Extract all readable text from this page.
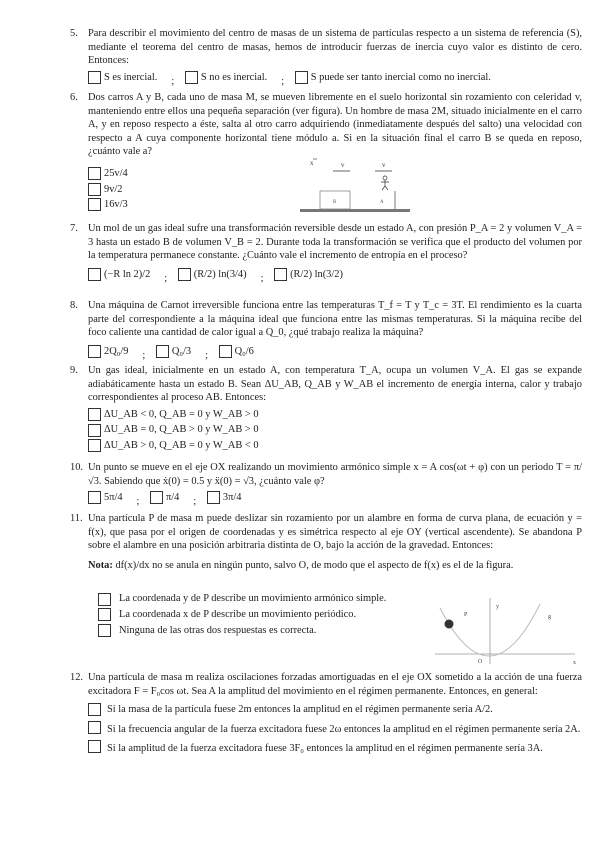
5. Para describir el movimiento del centro de masas de un sistema de partículas respecto a un sistema de referencia (S), mediante el teorema del centro de masas, hemos de introducir fuerzas de inercia cuyo valor es distinto de cero. Entonces:
S es inercial. ;	S no es inercial. ;	S puede ser tanto inercial como no inercial.
6. Dos carros A y B, cada uno de masa M, se mueven libremente en el suelo horizontal sin rozamiento con celeridad v, manteniendo entre ellos una pequeña separación (ver figura). Un hombre de masa 2M, situado inicialmente en el carro A, y en reposo respecto a éste, salta al otro carro adquiriendo (inmediatamente después del salto) una velocidad con respecto a A cuya componente horizontal tiene módulo a. Si en la situación final el carro B se queda en reposo, ¿cuánto vale a?
25v/4
9v/2
16v/3
x	v	v
B	A
7. Un mol de un gas ideal sufre una transformación reversible desde un estado A, con presión P_A = 2 y volumen V_A = 3 hasta un estado B de volumen V_B = 2. Durante toda la transformación se verifica que el producto del volumen por la temperatura permanece constante. ¿Cuánto vale el incremento de entropía en el proceso?
(−R ln 2)/2 ;	(R/2) ln(3/4) ;	(R/2) ln(3/2)
8. Una máquina de Carnot irreversible funciona entre las temperaturas T_f = T y T_c = 3T. El rendimiento es la cuarta parte del correspondiente a la máquina ideal que funciona entre las mismas temperaturas. Si la máquina recibe del foco caliente una cantidad de calor igual a Q_0, ¿qué trabajo realiza la máquina?
2Q₀/9 ;	Q₀/3 ;	Q₀/6
9. Un gas ideal, inicialmente en un estado A, con temperatura T_A, ocupa un volumen V_A. El gas se expande adiabáticamente hasta un estado B. Sean ΔU_AB, Q_AB y W_AB el incremento de energía interna, calor y trabajo correspondientes al proceso AB. Entonces:
ΔU_AB < 0, Q_AB = 0 y W_AB > 0
ΔU_AB = 0, Q_AB > 0 y W_AB > 0
ΔU_AB > 0, Q_AB = 0 y W_AB < 0
10. Un punto se mueve en el eje OX realizando un movimiento armónico simple x = A cos(ωt + φ) con un periodo T = π/√3. Sabiendo que ẋ(0) = 0.5 y ẍ(0) = √3, ¿cuánto vale φ?
5π/4 ;	π/4 ;	3π/4
11. Una partícula P de masa m puede deslizar sin rozamiento por un alambre en forma de curva plana, de ecuación y = f(x), que pasa por el origen de coordenadas y es simétrica respecto al eje OY (vertical ascendente). Se abandona P sobre el alambre en una posición arbitraria distinta de O, bajo la acción de la gravedad. Entonces:
Nota: df(x)/dx no se anula en ningún punto, salvo O, de modo que el aspecto de f(x) es el de la figura.
La coordenada y de P describe un movimiento armónico simple.
La coordenada x de P describe un movimiento periódico.
Ninguna de las otras dos respuestas es correcta.
P
y
O	x
g
12. Una partícula de masa m realiza oscilaciones forzadas amortiguadas en el eje OX sometido a la acción de una fuerza excitadora F = F₀cos ωt. Sea A la amplitud del movimiento en el régimen permanente. Entonces, en general:
Si la masa de la partícula fuese 2m entonces la amplitud en el régimen permanente sería A/2.
Si la frecuencia angular de la fuerza excitadora fuese 2ω entonces la amplitud en el régimen permanente sería 2A.
Si la amplitud de la fuerza excitadora fuese 3F₀ entonces la amplitud en el régimen permanente sería 3A.
